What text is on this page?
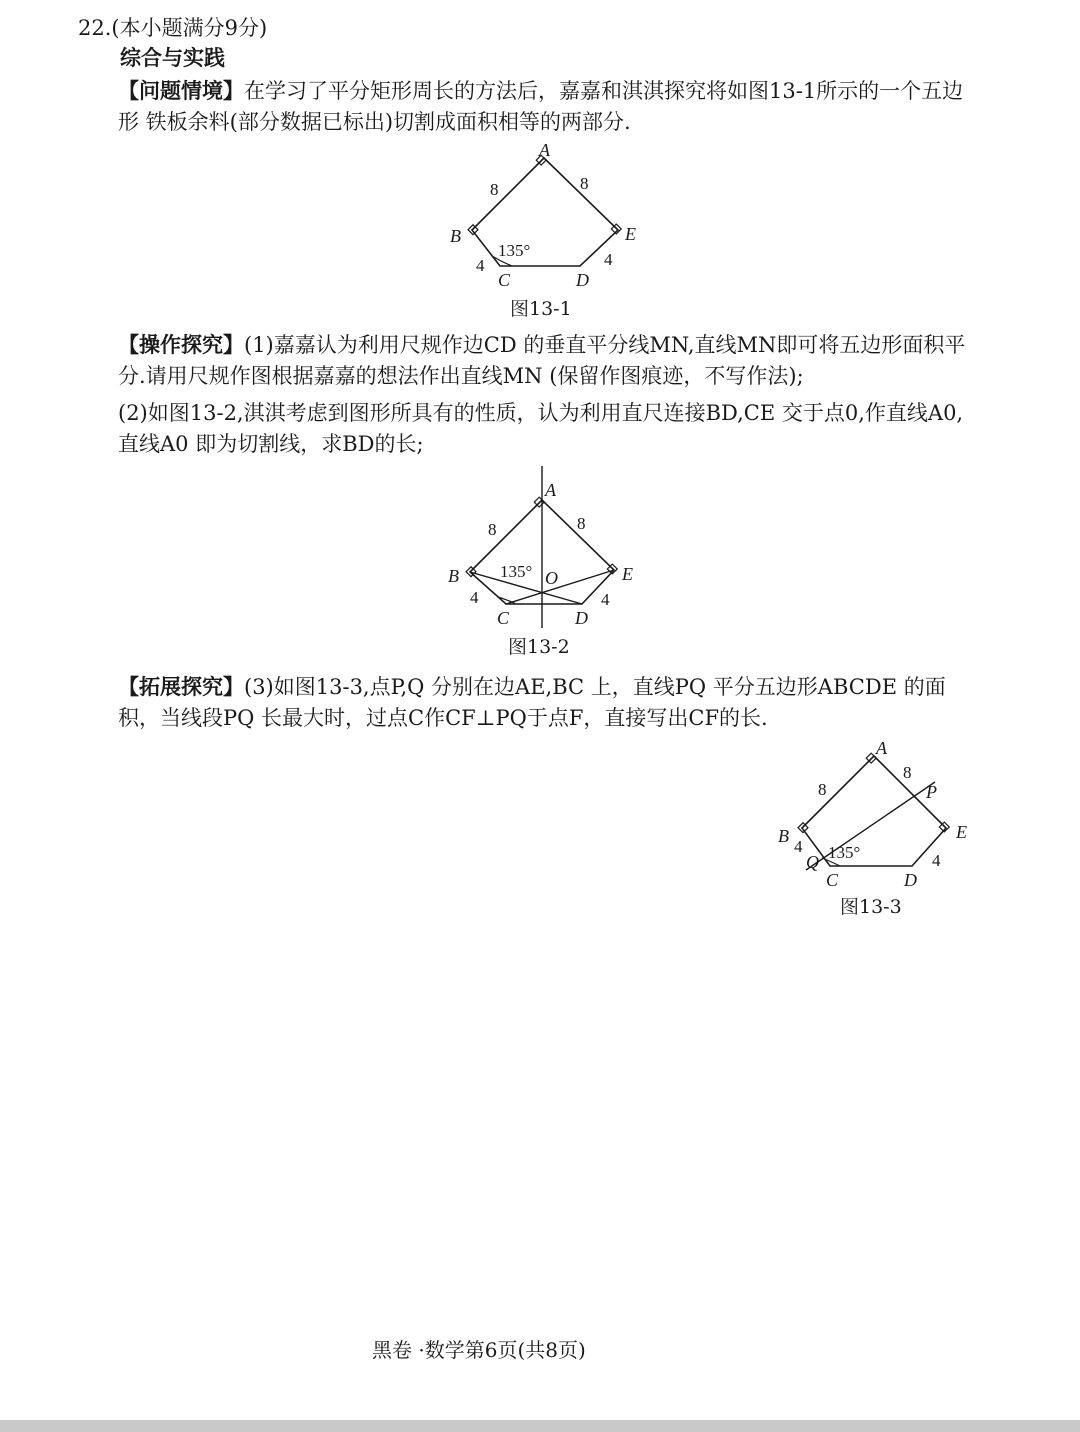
22.(本小题满分9分)
综合与实践
【问题情境】在学习了平分矩形周长的方法后，嘉嘉和淇淇探究将如图13-1所示的一个五边形 铁板余料(部分数据已标出)切割成面积相等的两部分.
A
B
C	D
E
8	8
4	4
135°
图13-1
【操作探究】(1)嘉嘉认为利用尺规作边CD 的垂直平分线MN,直线MN即可将五边形面积平分.请用尺规作图根据嘉嘉的想法作出直线MN (保留作图痕迹，不写作法);
(2)如图13-2,淇淇考虑到图形所具有的性质，认为利用直尺连接BD,CE 交于点0,作直线A0,直线A0 即为切割线，求BD的长;
A
B
C	D
E
O
8	8
4	4
135°
图13-2
【拓展探究】(3)如图13-3,点P,Q 分别在边AE,BC 上，直线PQ 平分五边形ABCDE 的面积，当线段PQ 长最大时，过点C作CF⊥PQ于点F，直接写出CF的长.
A
B
C	D
E
P
Q
8
8
4
4
135°
图13-3
黑卷 ·数学第6页(共8页)
